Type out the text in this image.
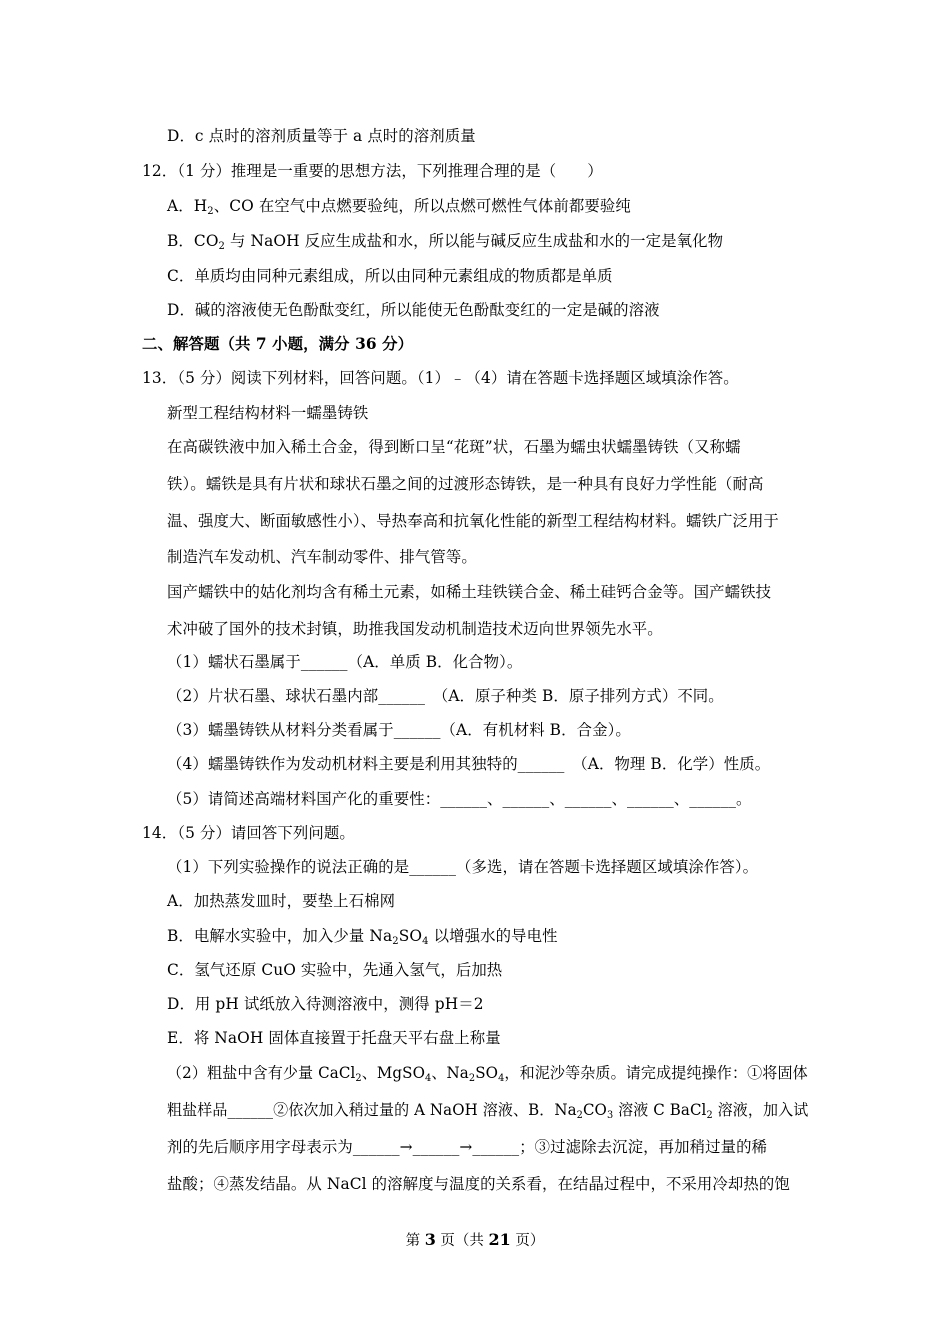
D．c 点时的溶剂质量等于 a 点时的溶剂质量
12．（1 分）推理是一重要的思想方法，下列推理合理的是（　　）
A．$H_2$、CO 在空气中点燃要验纯，所以点燃可燃性气体前都要验纯
B．$CO_2$ 与 NaOH 反应生成盐和水，所以能与碱反应生成盐和水的一定是氧化物
C．单质均由同种元素组成，所以由同种元素组成的物质都是单质
D．碱的溶液使无色酚酞变红，所以能使无色酚酞变红的一定是碱的溶液
二、解答题（共 7 小题，满分 36 分）
13．（5 分）阅读下列材料，回答问题。（1）﹣（4）请在答题卡选择题区域填涂作答。
新型工程结构材料一蠕墨铸铁
在高碳铁液中加入稀土合金，得到断口呈“花斑”状，石墨为蠕虫状蠕墨铸铁（又称蠕
铁）。蠕铁是具有片状和球状石墨之间的过渡形态铸铁，是一种具有良好力学性能（耐高
温、强度大、断面敏感性小）、导热奉高和抗氧化性能的新型工程结构材料。蠕铁广泛用于
制造汽车发动机、汽车制动零件、排气管等。
国产蠕铁中的姑化剂均含有稀土元素，如稀土珪铁镁合金、稀土硅钙合金等。国产蠕铁技
术冲破了国外的技术封镇，助推我国发动机制造技术迈向世界领先水平。
（1）蠕状石墨属于______（A．单质 B．化合物）。
（2）片状石墨、球状石墨内部______　（A．原子种类 B．原子排列方式）不同。
（3）蠕墨铸铁从材料分类看属于______（A．有机材料 B．合金）。
（4）蠕墨铸铁作为发动机材料主要是利用其独特的______　（A．物理 B．化学）性质。
（5）请简述高端材料国产化的重要性：______、______、______、______、______。
14．（5 分）请回答下列问题。
（1）下列实验操作的说法正确的是______（多选，请在答题卡选择题区域填涂作答）。
A．加热蒸发皿时，要垫上石棉网
B．电解水实验中，加入少量 $Na_2SO_4$ 以增强水的导电性
C．氢气还原 CuO 实验中，先通入氢气，后加热
D．用 pH 试纸放入待测溶液中，测得 pH＝2
E．将 NaOH 固体直接置于托盘天平右盘上称量
（2）粗盐中含有少量 CaCl$_2$、MgSO$_4$、$Na_2SO_4$，和泥沙等杂质。请完成提纯操作：①将固体
粗盐样品______②依次加入稍过量的 A NaOH 溶液、B．$Na_2CO_3$ 溶液 C BaCl$_2$ 溶液，加入试
剂的先后顺序用字母表示为______→______→______；③过滤除去沉淀，再加稍过量的稀
盐酸；④蒸发结晶。从 NaCl 的溶解度与温度的关系看，在结晶过程中，不采用冷却热的饱
第 3 页（共 21 页）
